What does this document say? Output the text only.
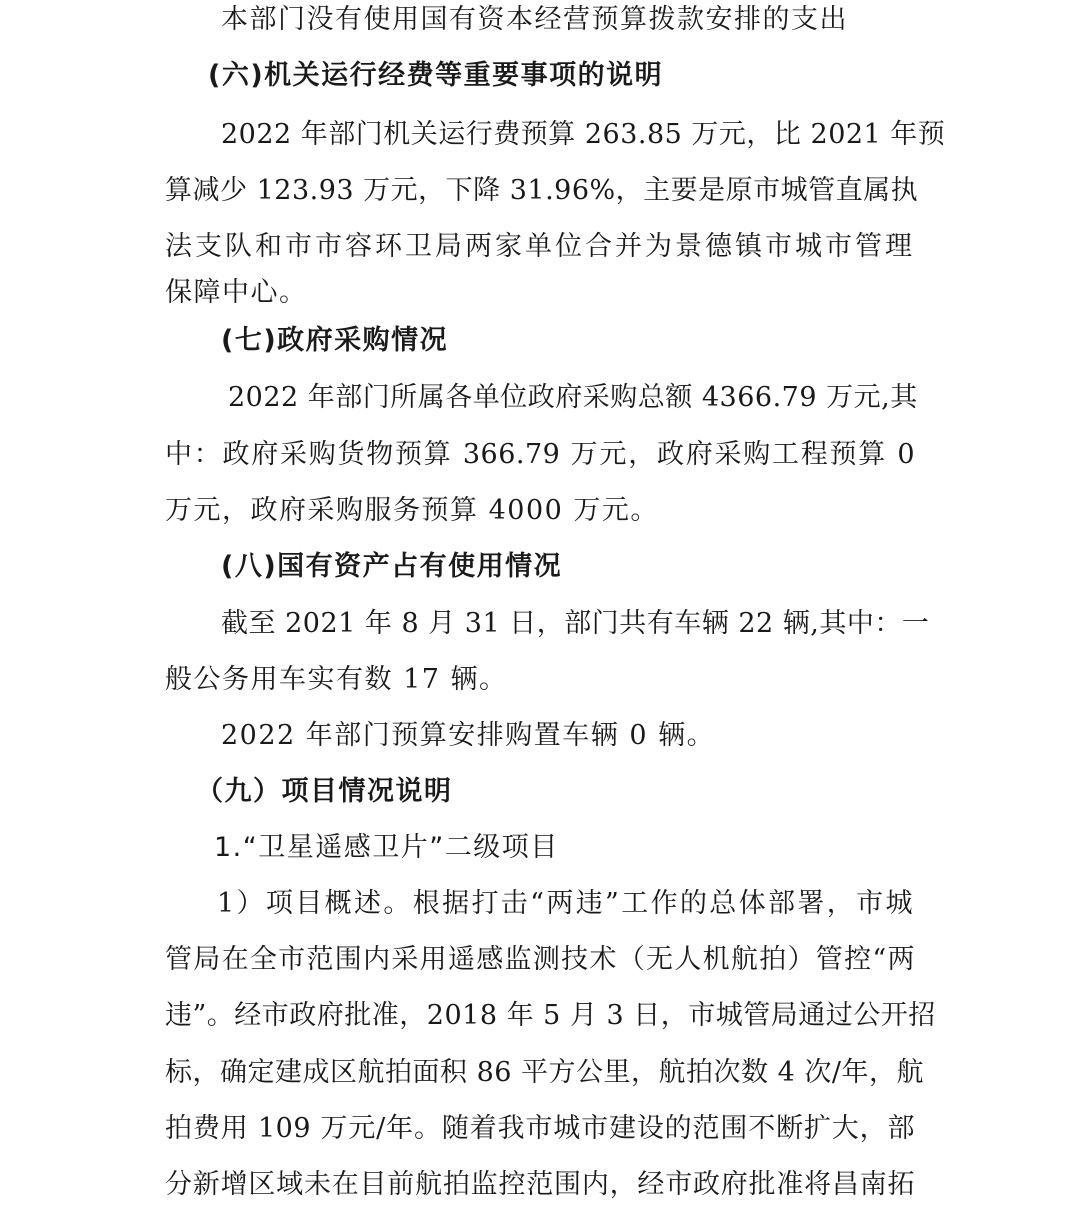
本部门没有使用国有资本经营预算拨款安排的支出
(六)机关运行经费等重要事项的说明
2022 年部门机关运行费预算 263.85 万元，比 2021 年预
算减少 123.93 万元，下降 31.96%，主要是原市城管直属执
法支队和市市容环卫局两家单位合并为景德镇市城市管理
保障中心。
(七)政府采购情况
2022 年部门所属各单位政府采购总额 4366.79 万元,其
中：政府采购货物预算 366.79 万元，政府采购工程预算 0
万元，政府采购服务预算 4000 万元。
(八)国有资产占有使用情况
截至 2021 年 8 月 31 日，部门共有车辆 22 辆,其中：一
般公务用车实有数 17 辆。
2022 年部门预算安排购置车辆 0 辆。
（九）项目情况说明
1.“卫星遥感卫片”二级项目
1）项目概述。根据打击“两违”工作的总体部署，市城
管局在全市范围内采用遥感监测技术（无人机航拍）管控“两
违”。经市政府批准，2018 年 5 月 3 日，市城管局通过公开招
标，确定建成区航拍面积 86 平方公里，航拍次数 4 次/年，航
拍费用 109 万元/年。随着我市城市建设的范围不断扩大，部
分新增区域未在目前航拍监控范围内，经市政府批准将昌南拓
